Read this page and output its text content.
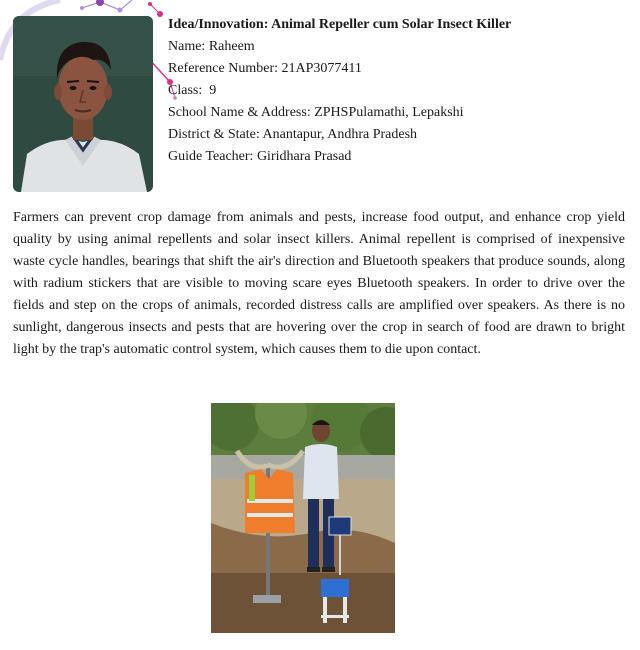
Idea/Innovation: Animal Repeller cum Solar Insect Killer
Name: Raheem
Reference Number: 21AP3077411
Class:  9
School Name & Address: ZPHSPulamathi, Lepakshi
District & State: Anantapur, Andhra Pradesh
Guide Teacher: Giridhara Prasad

Farmers can prevent crop damage from animals and pests, increase food output, and enhance crop yield quality by using animal repellents and solar insect killers. Animal repellent is comprised of inexpensive waste cycle handles, bearings that shift the air's direction and Bluetooth speakers that produce sounds, along with radium stickers that are visible to moving scare eyes Bluetooth speakers. In order to drive over the fields and step on the crops of animals, recorded distress calls are amplified over speakers. As there is no sunlight, dangerous insects and pests that are hovering over the crop in search of food are drawn to bright light by the trap's automatic control system, which causes them to die upon contact.
